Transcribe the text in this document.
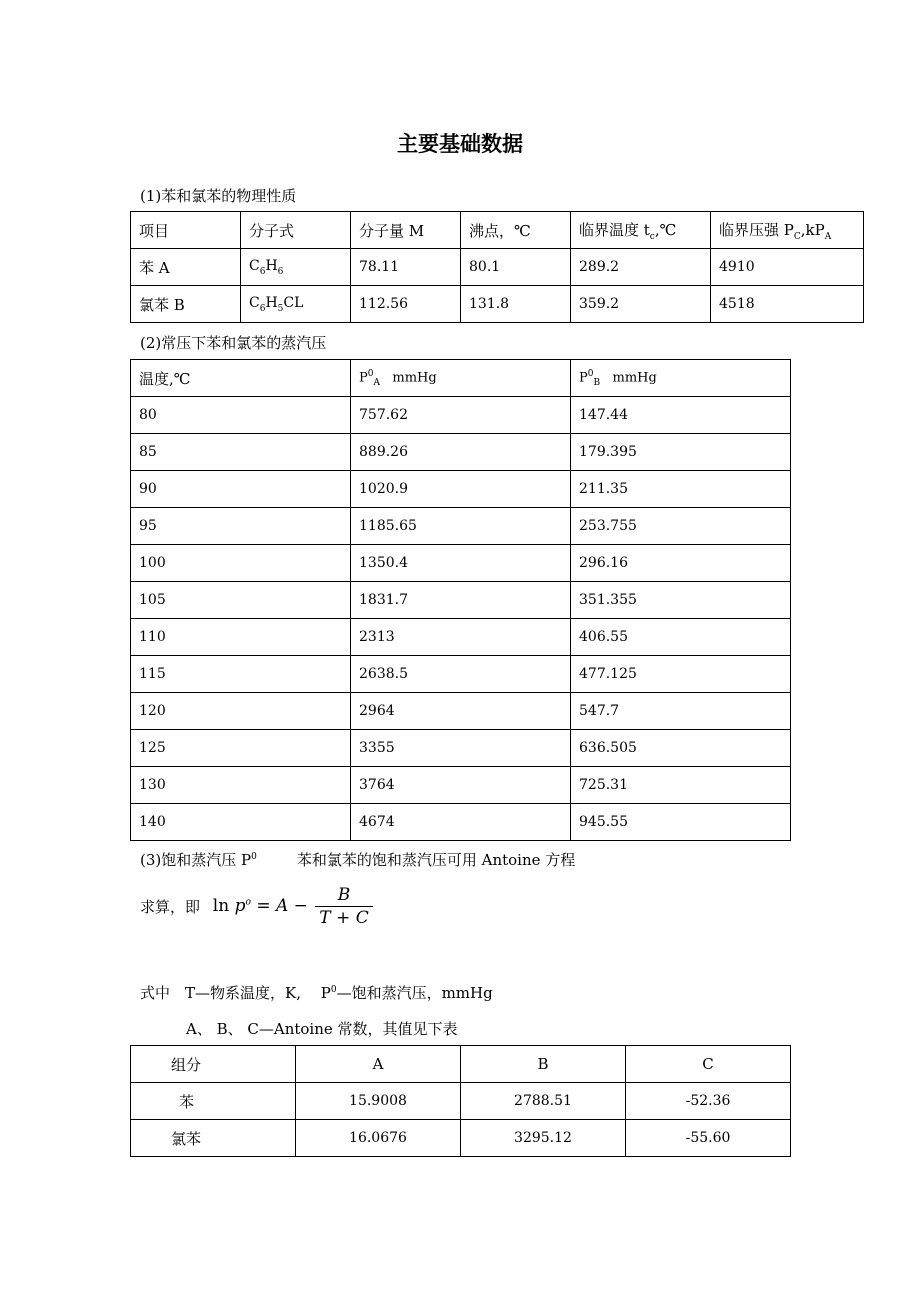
主要基础数据
(1)苯和氯苯的物理性质
项目	分子式	分子量 M	沸点，℃	临界温度 $t_c,℃$	临界压强 $P_C,kP_A$
苯 A	$C_6H_6$	78.11	80.1	289.2	4910
氯苯 B	$C_6H_5CL$	112.56	131.8	359.2	4518
(2)常压下苯和氯苯的蒸汽压
温度,℃	$P^0_A$ mmHg	$P^0_B$ mmHg
80	757.62	147.44
85	889.26	179.395
90	1020.9	211.35
95	1185.65	253.755
100	1350.4	296.16
105	1831.7	351.355
110	2313	406.55
115	2638.5	477.125
120	2964	547.7
125	3355	636.505
130	3764	725.31
140	4674	945.55
(3)饱和蒸汽压 $P^0$	苯和氯苯的饱和蒸汽压可用 Antoine 方程
求算，即 $\ln p^o = A - \frac{B}{T + C}$
式中　T—物系温度，K,　 $P^0—$饱和蒸汽压，mmHg
A、 B、 C—Antoine 常数，其值见下表
组分	A	B	C
苯	15.9008	2788.51	-52.36
氯苯	16.0676	3295.12	-55.60
